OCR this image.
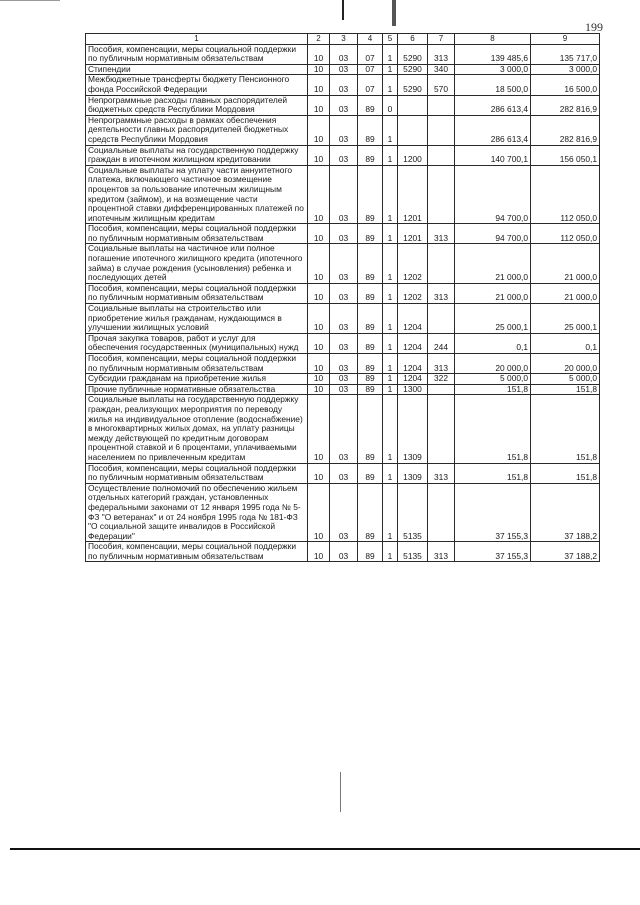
199
1	2	3	4	5	6	7	8	9
Пособия, компенсации, меры социальной поддержки по публичным нормативным обязательствам	10	03	07	1	5290	313	139 485,6	135 717,0
Стипендии	10	03	07	1	5290	340	3 000,0	3 000,0
Межбюджетные трансферты бюджету Пенсионного фонда Российской Федерации	10	03	07	1	5290	570	18 500,0	16 500,0
Непрограммные расходы главных распорядителей бюджетных средств Республики Мордовия	10	03	89	0			286 613,4	282 816,9
Непрограммные расходы в рамках обеспечения деятельности главных распорядителей бюджетных средств Республики Мордовия	10	03	89	1			286 613,4	282 816,9
Социальные выплаты на государственную поддержку граждан в ипотечном жилищном кредитовании	10	03	89	1	1200		140 700,1	156 050,1
Социальные выплаты на уплату части аннуитетного платежа, включающего частичное возмещение процентов за пользование ипотечным жилищным кредитом (займом), и на возмещение части процентной ставки дифференцированных платежей по ипотечным жилищным кредитам	10	03	89	1	1201		94 700,0	112 050,0
Пособия, компенсации, меры социальной поддержки по публичным нормативным обязательствам	10	03	89	1	1201	313	94 700,0	112 050,0
Социальные выплаты на частичное или полное погашение ипотечного жилищного кредита (ипотечного займа) в случае рождения (усыновления) ребенка и последующих детей	10	03	89	1	1202		21 000,0	21 000,0
Пособия, компенсации, меры социальной поддержки по публичным нормативным обязательствам	10	03	89	1	1202	313	21 000,0	21 000,0
Социальные выплаты на строительство или приобретение жилья гражданам, нуждающимся в улучшении жилищных условий	10	03	89	1	1204		25 000,1	25 000,1
Прочая закупка товаров, работ и услуг для обеспечения государственных (муниципальных) нужд	10	03	89	1	1204	244	0,1	0,1
Пособия, компенсации, меры социальной поддержки по публичным нормативным обязательствам	10	03	89	1	1204	313	20 000,0	20 000,0
Субсидии гражданам на приобретение жилья	10	03	89	1	1204	322	5 000,0	5 000,0
Прочие публичные нормативные обязательства	10	03	89	1	1300		151,8	151,8
Социальные выплаты на государственную поддержку граждан, реализующих мероприятия по переводу жилья на индивидуальное отопление (водоснабжение) в многоквартирных жилых домах, на уплату разницы между действующей по кредитным договорам процентной ставкой и 6 процентами, уплачиваемыми населением по привлеченным кредитам	10	03	89	1	1309		151,8	151,8
Пособия, компенсации, меры социальной поддержки по публичным нормативным обязательствам	10	03	89	1	1309	313	151,8	151,8
Осуществление полномочий по обеспечению жильем отдельных категорий граждан, установленных федеральными законами от 12 января 1995 года № 5-ФЗ "О ветеранах" и от 24 ноября 1995 года № 181-ФЗ "О социальной защите инвалидов в Российской Федерации"	10	03	89	1	5135		37 155,3	37 188,2
Пособия, компенсации, меры социальной поддержки по публичным нормативным обязательствам	10	03	89	1	5135	313	37 155,3	37 188,2
